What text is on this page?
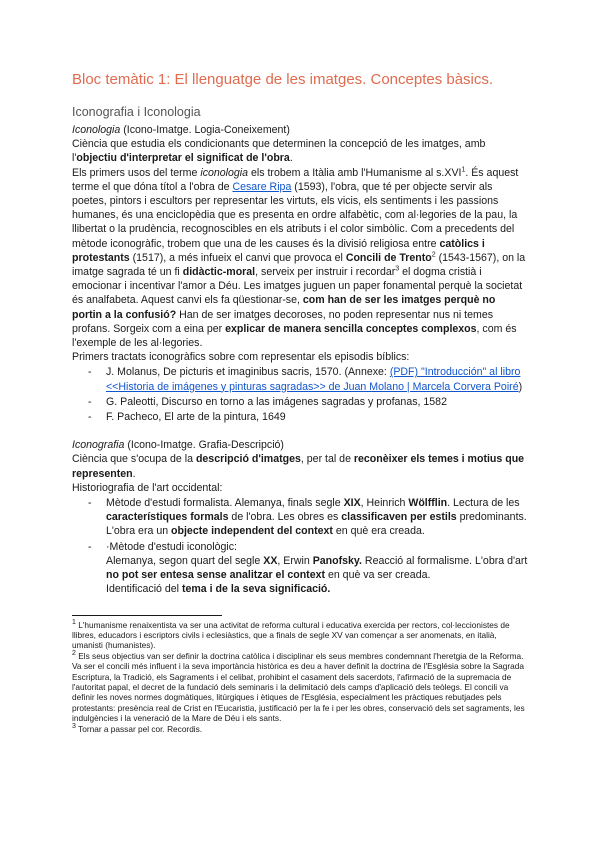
Bloc temàtic 1: El llenguatge de les imatges. Conceptes bàsics.
Iconografia i Iconologia

Iconologia (Icono-Imatge. Logia-Coneixement)

Ciència que estudia els condicionants que determinen la concepció de les imatges, amb l'objectiu d'interpretar el significat de l'obra.

Els primers usos del terme iconologia els trobem a Itàlia amb l'Humanisme al s.XVI$^1$. És aquest terme el que dóna títol a l'obra de Cesare Ripa (1593), l'obra, que té per objecte servir als poetes, pintors i escultors per representar les virtuts, els vicis, els sentiments i les passions humanes, és una enciclopèdia que es presenta en ordre alfabètic, com al·legories de la pau, la llibertat o la prudència, recognoscibles en els atributs i el color simbòlic. Com a precedents del mètode iconogràfic, trobem que una de les causes és la divisió religiosa entre catòlics i protestants (1517), a més infueix el canvi que provoca el Concili de Trento$^2$ (1543-1567), on la imatge sagrada té un fi didàctic-moral, serveix per instruir i recordar$^3$ el dogma cristià i emocionar i incentivar l'amor a Déu. Les imatges juguen un paper fonamental perquè la societat és analfabeta. Aquest canvi els fa qüestionar-se, com han de ser les imatges perquè no portin a la confusió? Han de ser imatges decoroses, no poden representar nus ni temes profans. Sorgeix com a eina per explicar de manera sencilla conceptes complexos, com és l'exemple de les al·legories.

Primers tractats iconogràfics sobre com representar els episodis bíblics:

- J. Molanus, De picturis et imaginibus sacris, 1570. (Annexe: (PDF) "Introducción" al libro <<Historia de imágenes y pinturas sagradas>> de Juan Molano | Marcela Corvera Poiré)
- G. Paleotti, Discurso en torno a las imágenes sagradas y profanas, 1582
- F. Pacheco, El arte de la pintura, 1649

Iconografia (Icono-Imatge. Grafia-Descripció)

Ciència que s'ocupa de la descripció d'imatges, per tal de reconèixer els temes i motius que representen.

Historiografia de l'art occidental:

- Mètode d'estudi formalista. Alemanya, finals segle XIX, Heinrich Wölfflin. Lectura de les característiques formals de l'obra. Les obres es classificaven per estils predominants. L'obra era un objecte independent del context en què era creada.
- ·Mètode d'estudi iconològic:
Alemanya, segon quart del segle XX, Erwin Panofsky. Reacció al formalisme. L'obra d'art no pot ser entesa sense analitzar el context en què va ser creada.
Identificació del tema i de la seva significació.

$^1$ L'humanisme renaixentista va ser una activitat de reforma cultural i educativa exercida per rectors, col·leccionistes de llibres, educadors i escriptors civils i eclesiàstics, que a finals de segle XV van començar a ser anomenats, en italià, umanisti (humanistes).

$^2$ Els seus objectius van ser definir la doctrina catòlica i disciplinar els seus membres condemnant l'heretgia de la Reforma. Va ser el concili més influent i la seva importància històrica es deu a haver definit la doctrina de l'Església sobre la Sagrada Escriptura, la Tradició, els Sagraments i el celibat, prohibint el casament dels sacerdots, l'afirmació de la supremacia de l'autoritat papal, el decret de la fundació dels seminaris i la delimitació dels camps d'aplicació dels teòlegs. El concili va definir les noves normes dogmàtiques, litúrgiques i ètiques de l'Església, especialment les pràctiques rebutjades pels protestants: presència real de Crist en l'Eucaristia, justificació per la fe i per les obres, conservació dels set sagraments, les indulgències i la veneració de la Mare de Déu i els sants.

$^3$ Tornar a passar pel cor. Recordis.
